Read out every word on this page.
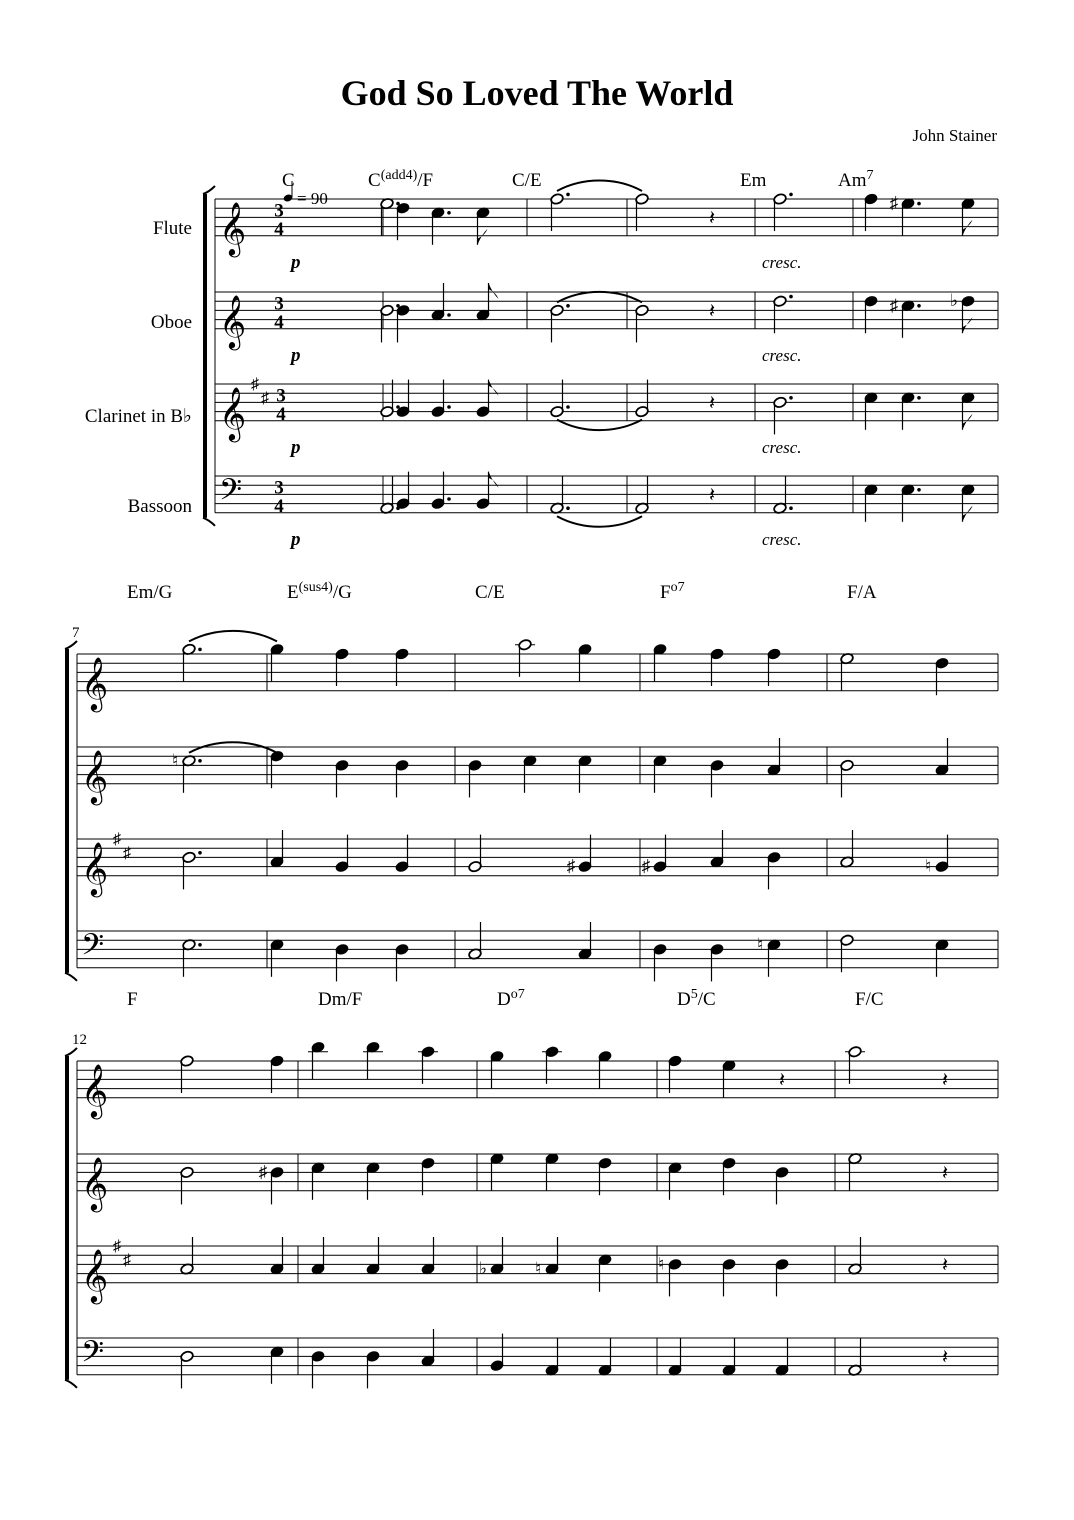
God So Loved The World
John Stainer
𝄞 3
4
𝄞 3
4
𝄞
♯
♯ 3
4
𝄢 3
4
C	$C^{(add4)}/F$	C/E	Em	Am$^7$
𝄽
♯
𝄽	♯	♭
𝄽
𝄽
p	cresc.
p	cresc.
p	cresc.
p	cresc.
𝄞
𝄞
𝄞
♯
♯
𝄢
7
Em/G	$E^{(sus4)}/G$	C/E	$F^{o7}$	F/A
♮
♯	♯	♮
♮
𝄞
𝄞
𝄞
♯
♯
𝄢
12
F	Dm/F	$D^{o7}$	$D^5/C$	F/C
𝄽	𝄽
♯	𝄽
♭	♮	♮	𝄽
𝄽
Flute
Oboe
Clarinet in B♭
Bassoon
= 90
